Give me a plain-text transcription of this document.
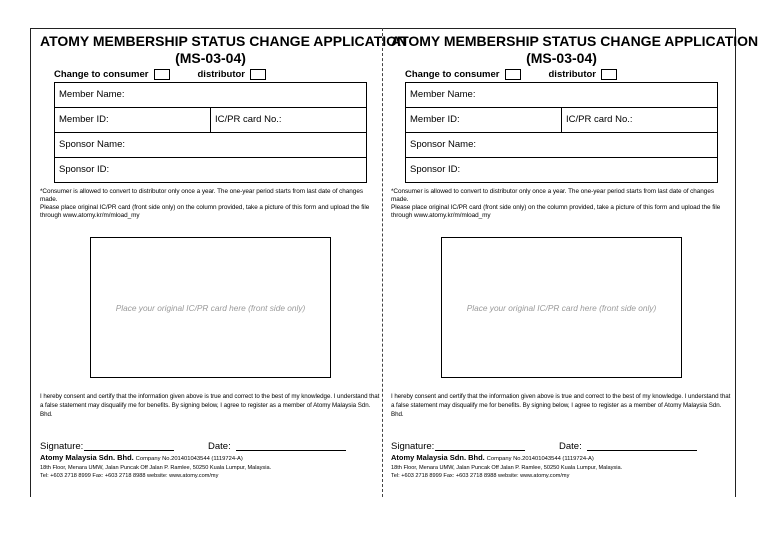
ATOMY MEMBERSHIP STATUS CHANGE APPLICATION
(MS-03-04)
Change to consumer	distributor
Member Name:
Member ID:	IC/PR card No.:
Sponsor Name:
Sponsor ID:
*Consumer is allowed to convert to distributor only once a year. The one-year period starts from last date of changes made.
Please place original IC/PR card (front side only) on the column provided, take a picture of this form and upload the file through www.atomy.kr/m/mload_my
Place your original IC/PR card here (front side only)
I hereby consent and certify that the information given above is true and correct to the best of my knowledge. I understand that a false statement may disqualify me for benefits. By signing below, I agree to register as a member of Atomy Malaysia Sdn. Bhd.
Signature:	Date:
Atomy Malaysia Sdn. Bhd. Company No.201401043544 (1119724-A)
18th Floor, Menara UMW, Jalan Puncak Off Jalan P. Ramlee, 50250 Kuala Lumpur, Malaysia.
Tel: +603 2718 8999 Fax: +603 2718 8988 website: www.atomy.com/my
ATOMY MEMBERSHIP STATUS CHANGE APPLICATION
(MS-03-04)
Change to consumer	distributor
Member Name:
Member ID:	IC/PR card No.:
Sponsor Name:
Sponsor ID:
*Consumer is allowed to convert to distributor only once a year. The one-year period starts from last date of changes made.
Please place original IC/PR card (front side only) on the column provided, take a picture of this form and upload the file through www.atomy.kr/m/mload_my
Place your original IC/PR card here (front side only)
I hereby consent and certify that the information given above is true and correct to the best of my knowledge. I understand that a false statement may disqualify me for benefits. By signing below, I agree to register as a member of Atomy Malaysia Sdn. Bhd.
Signature:	Date:
Atomy Malaysia Sdn. Bhd. Company No.201401043544 (1119724-A)
18th Floor, Menara UMW, Jalan Puncak Off Jalan P. Ramlee, 50250 Kuala Lumpur, Malaysia.
Tel: +603 2718 8999 Fax: +603 2718 8988 website: www.atomy.com/my
